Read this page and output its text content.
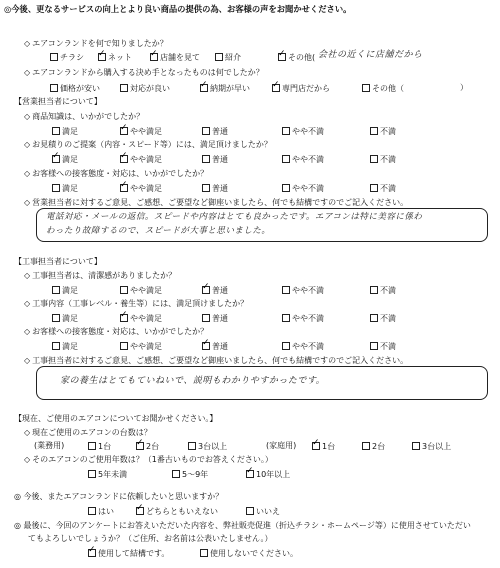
◎今後、更なるサービスの向上とより良い商品の提供の為、お客様の声をお聞かせください。
◇ エアコンランドを何で知りましたか？
チラシ ✓	ネット ✓	店舗を見て	紹介 ✓	その他( 会社の近くに店舗だから
◇ エアコンランドから購入する決め手となったものは何でしたか？
価格が安い	対応が良い ✓	納期が早い ✓	専門店だから	その他（	）
【営業担当者について】
◇ 商品知識は、いかがでしたか？
満足 ✓	やや満足	普通	やや不満	不満
◇ お見積りのご提案（内容・スピード等）には、満足頂けましたか？
✓満足 ✓	やや満足	普通	やや不満	不満
◇ お客様への接客態度・対応は、いかがでしたか？
満足 ✓	やや満足	普通	やや不満	不満
◇ 営業担当者に対するご意見、ご感想、ご要望など御座いましたら、何でも結構ですのでご記入ください。
電話対応・メールの返信。スピードや内容はとても良かったです。エアコンは特に美容に係わ
わったり故障するので、スピードが大事と思いました。
【工事担当者について】
◇ 工事担当者は、清潔感がありましたか？
満足	やや満足 ✓	普通	やや不満	不満
◇ 工事内容（工事レベル・養生等）には、満足頂けましたか？
満足 ✓	やや満足	普通	やや不満	不満
◇ お客様への接客態度・対応は、いかがでしたか？
満足	やや満足 ✓	普通	やや不満	不満
◇ 工事担当者に対するご意見、ご感想、ご要望など御座いましたら、何でも結構ですのでご記入ください。
家の養生はとてもていねいで、説明もわかりやすかったです。
【現在、ご使用のエアコンについてお聞かせください。】
◇ 現在ご使用のエアコンの台数は？
(業務用)	1台 ✓	2台	3台以上	(家庭用) ✓	1台	2台	3台以上
◇ そのエアコンのご使用年数は？（1番古いものでお答えください。）
5年未満	5〜9年 ✓	10年以上
◎ 今後、またエアコンランドに依頼したいと思いますか？
はい ✓	どちらともいえない	いいえ
◎ 最後に、今回のアンケートにお答えいただいた内容を、弊社販売促進（折込チラシ・ホームページ等）に使用させていただい
てもよろしいでしょうか？（ご住所、お名前は公表いたしません。）
✓使用して結構です。	使用しないでください。
